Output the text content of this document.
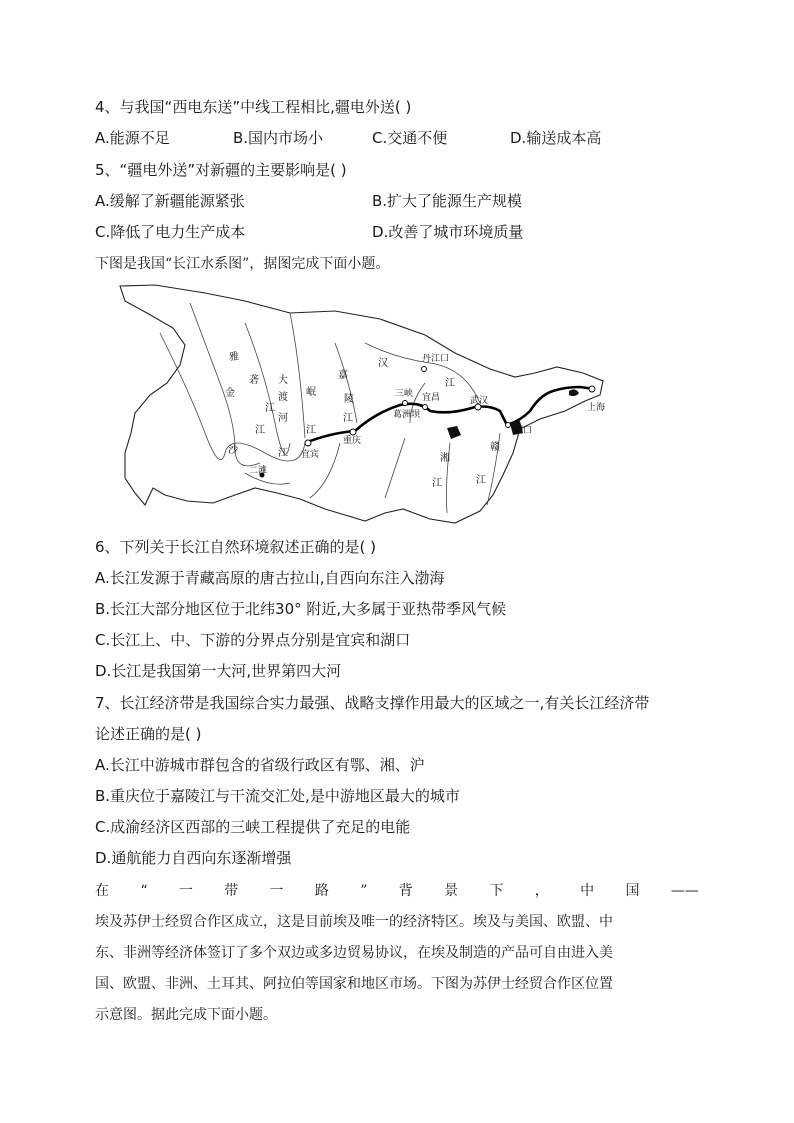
4、与我国“西电东送”中线工程相比,疆电外送( )
A.能源不足	B.国内市场小	C.交通不便	D.输送成本高
5、“疆电外送”对新疆的主要影响是( )
A.缓解了新疆能源紧张	B.扩大了能源生产规模
C.降低了电力生产成本	D.改善了城市环境质量
下图是我国“长江水系图”，据图完成下面小题。
雅
砻
江
金
沙	江
大
渡
河
岷
江
嘉
陵
江
汉
江
湘
江
赣
江
江
二滩
宜宾
重庆
三峡 宜昌
葛洲坝
丹江口
武汉
湖口
上海
6、下列关于长江自然环境叙述正确的是( )
A.长江发源于青藏高原的唐古拉山,自西向东注入渤海
B.长江大部分地区位于北纬30° 附近,大多属于亚热带季风气候
C.长江上、中、下游的分界点分别是宜宾和湖口
D.长江是我国第一大河,世界第四大河
7、长江经济带是我国综合实力最强、战略支撑作用最大的区域之一,有关长江经济带
论述正确的是( )
A.长江中游城市群包含的省级行政区有鄂、湘、沪
B.重庆位于嘉陵江与干流交汇处,是中游地区最大的城市
C.成渝经济区西部的三峡工程提供了充足的电能
D.通航能力自西向东逐渐增强
在 “ 一 带 一 路 ” 背 景 下 ， 中 国 ——
埃及苏伊士经贸合作区成立，这是目前埃及唯一的经济特区。埃及与美国、欧盟、中
东、非洲等经济体签订了多个双边或多边贸易协议，在埃及制造的产品可自由进入美
国、欧盟、非洲、土耳其、阿拉伯等国家和地区市场。下图为苏伊士经贸合作区位置
示意图。据此完成下面小题。
